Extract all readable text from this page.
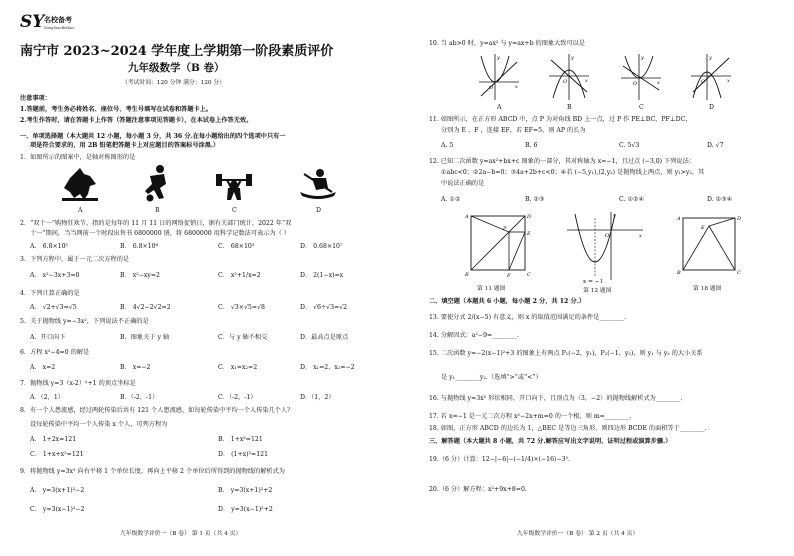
SY 名校备考
MingXiaoBeiKao
南宁市 2023~2024 学年度上学期第一阶段素质评价
九年级数学（B 卷）
（考试时间：120 分钟 满分：120 分）
注意事项：
1.答题前，考生务必将姓名、座位号、考生号填写在试卷和答题卡上。
2.考生作答时，请在答题卡上作答（答题注意事项见答题卡），在本试卷上作答无效。
一、单项选择题（本大题共 12 小题，每小题 3 分，共 36 分.在每小题给出的四个选项中只有一
项是符合要求的，用 2B 铅笔把答题卡上对应题目的答案标号涂黑.）
1．如图所示的图案中，是轴对称图形的是
A	B	C	D
2．“双十一”购物狂欢节，指的是每年的 11 月 11 日的网络促销日，据有关部门统计，2022 年“双
十一”期间，当当网前一个时段出售书 6800000 册，将 6800000 用科学记数法可表示为（ ）
A． 6.8×10⁵	B． 6.8×10⁶	C． 68×10⁵	D． 0.68×10⁷
3．下列方程中，属于一元二次方程的是
A． x²−3x+3=0	B． x²−xy=2	C． x²+1/x=2	D． 2(1−x)=x
4．下列计算正确的是
A． √2+√3=√5	B． 4√2−2√2=2	C． √3×√5=√8	D． √6÷√3=√2
5．关于抛物线 y=−3x²，下列说法不正确的是
A．开口向下	B．图象关于 y 轴	C．与 y 轴不相交	D．最高点是原点
6．方程 x²−4=0 的解是
A． x=2	B． x=−2	C． x₁=x₂=2	D． x₁=2，x₂=−2
7．抛物线 y=3（x-2）²+1 的顶点坐标是
A．（2，1）	B．（-2，-1）	C．（-2，-1）	D．（1，2）
8．有一个人患流感，经过两轮传染后共有 121 个人患流感，如每轮传染中平均一个人传染几个人？
设每轮传染中平均一个人传染 x 个人，可列方程为
A． 1+2x=121	B． 1+x²=121
C． 1+x+x²=121	D． (1+x)²=121
9．将抛物线 y=3x² 向右平移 1 个单位长度，再向上平移 2 个单位后所得到的抛物线的解析式为
A． y=3(x+1)²−2	B． y=3(x+1)²+2
C． y=3(x−1)²−2	D． y=3(x−1)²+2
九年级数学评价一（B 卷） 第 1 页（共 4 页）
10. 当 ab>0 时，y=ax² 与 y=ax+b 的图象大致可以是
y
x
O
y
x
O
y
x
O
y
x
O
A	B	C	D
11. 如图所示，在正方形 ABCD 中，点 P 为对角线 BD 上一点，过 P 作 PE⊥BC，PF⊥DC，
分别为 E 、F ，连接 EF，若 EF=5，则 AP 的长为
A. 5	B. 6	C. 5√3	D. √7
12. 已知二次函数 y=ax²+bx+c 图象的一部分，其对称轴为 x=−1，且过点 (−3,0) 下列说法：
①abc<0；②2a−b=0；③4a+2b+c<0；④若 (−5,y₁),(2,y₂) 是抛物线上两点，则 y₁>y₂，其
中说法正确的是
A. ①②	B. ②③	C. ①②④	D. ②③④
A	D
B	C
F
E
P
第 11 题图
y
x
O
x = −1
第 12 题图
A	D
B	C
E
第 18 题图
二、填空题（本题共 6 小题，每小题 2 分，共 12 分.）
13. 要使分式 2/(x−5) 有意义，则 x 的取值范围满足的条件是________.
14. 分解因式：a²−9=________.
15. 二次函数 y=−2(x−1)²+3 的图象上有两点 P₁(−2，y₁)，P₂(−1，y₂)，则 y₁ 与 y₂ 的大小关系
是 y₁________y₂.（选填“>”或“<”）
16. 与抛物线 y=3x² 形状相同，开口向下，且顶点为（3，−2）的抛物线解析式为________.
17. 若 x=−1 是一元二次方程 x²−2x+m=0 的一个根，则 m=________.
18. 如图，正方形 ABCD 的边长为 1，△BEC 是等边三角形，则四边形 BCDE 的面积等于________.
三、解答题（本大题共 8 小题，共 72 分.解答应写出文字说明、证明过程或演算步骤.）
19.（6 分）计算：12−|−6|−(−1/4)×(−16)−3².
20.（6 分）解方程：x²+9x+8=0.
九年级数学评价一（B 卷） 第 2 页（共 4 页）
